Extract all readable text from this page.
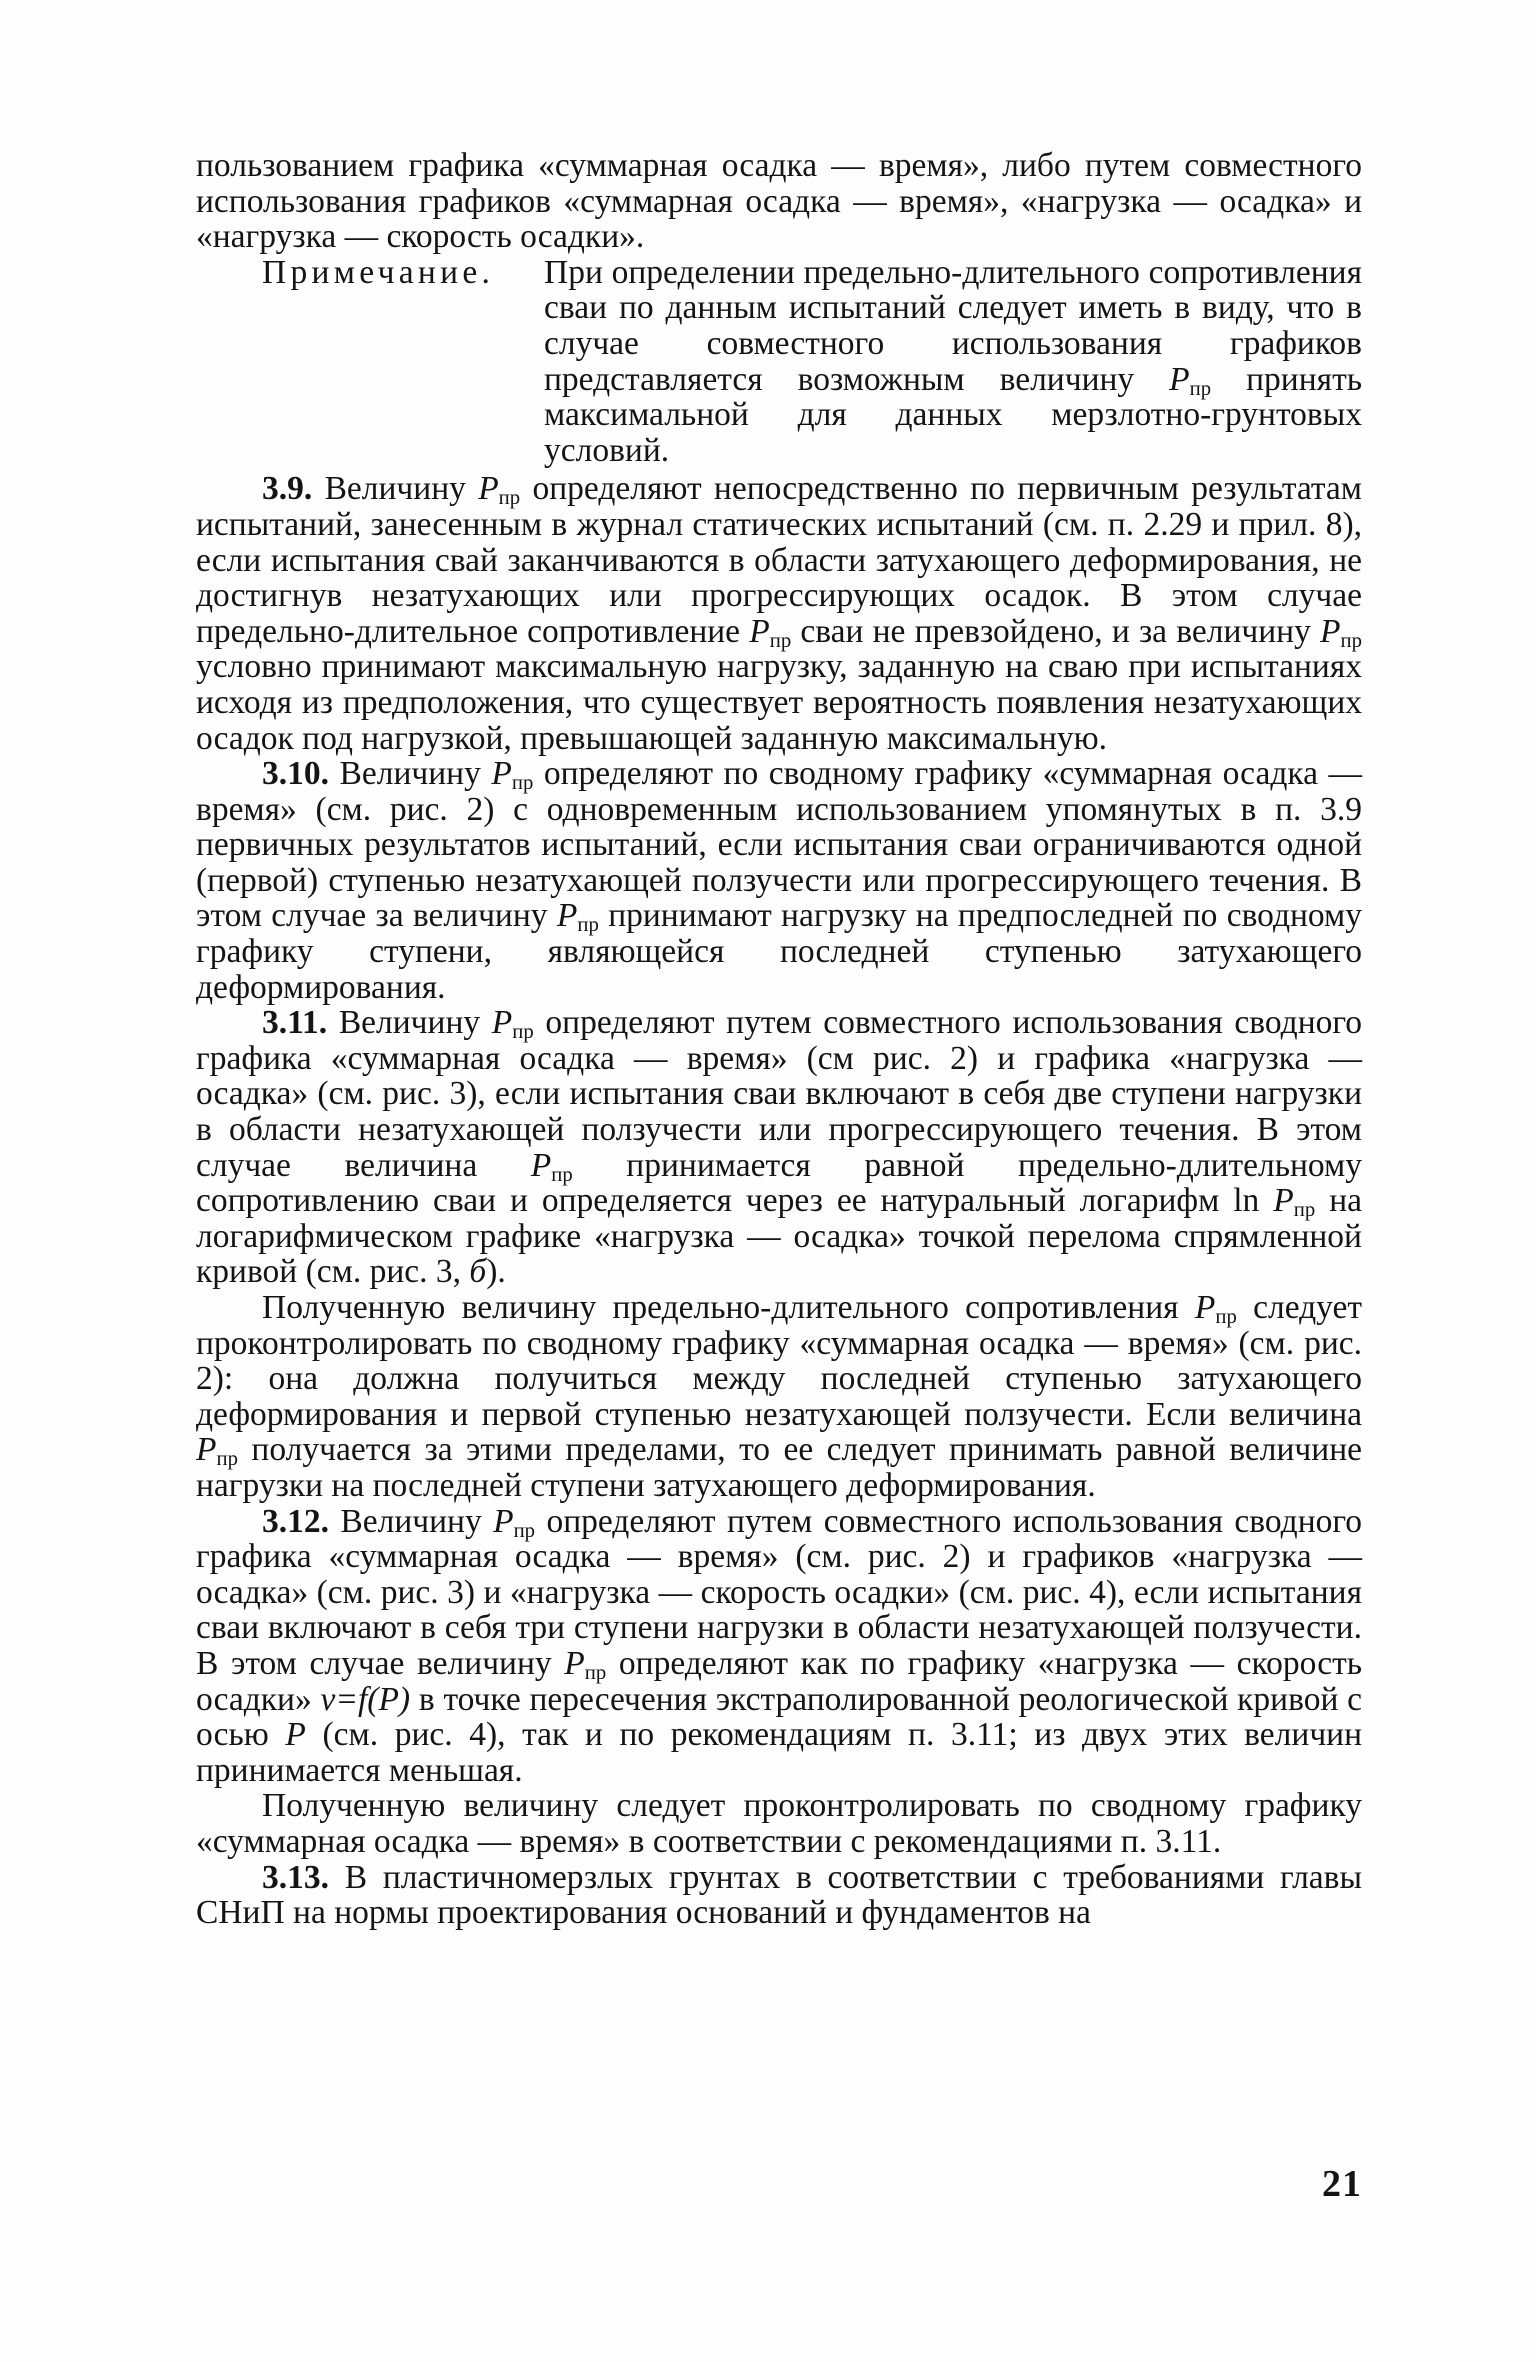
пользованием графика «суммарная осадка — время», либо путем совместного использования графиков «суммарная осадка — время», «нагрузка — осадка» и «нагрузка — скорость осадки».

Примечание.	При определении предельно-длительного сопротивления сваи по данным испытаний следует иметь в виду, что в случае совместного использования графиков представляется возможным величину $P_{пр}$ принять максимальной для данных мерзлотно-грунтовых условий.

3.9. Величину $P_{пр}$ определяют непосредственно по первичным результатам испытаний, занесенным в журнал статических испытаний (см. п. 2.29 и прил. 8), если испытания свай заканчиваются в области затухающего деформирования, не достигнув незатухающих или прогрессирующих осадок. В этом случае предельно-длительное сопротивление $P_{пр}$ сваи не превзойдено, и за величину $P_{пр}$ условно принимают максимальную нагрузку, заданную на сваю при испытаниях исходя из предположения, что существует вероятность появления незатухающих осадок под нагрузкой, превышающей заданную максимальную.

3.10. Величину $P_{пр}$ определяют по сводному графику «суммарная осадка — время» (см. рис. 2) с одновременным использованием упомянутых в п. 3.9 первичных результатов испытаний, если испытания сваи ограничиваются одной (первой) ступенью незатухающей ползучести или прогрессирующего течения. В этом случае за величину $P_{пр}$ принимают нагрузку на предпоследней по сводному графику ступени, являющейся последней ступенью затухающего деформирования.

3.11. Величину $P_{пр}$ определяют путем совместного использования сводного графика «суммарная осадка — время» (см рис. 2) и графика «нагрузка — осадка» (см. рис. 3), если испытания сваи включают в себя две ступени нагрузки в области незатухающей ползучести или прогрессирующего течения. В этом случае величина $P_{пр}$ принимается равной предельно-длительному сопротивлению сваи и определяется через ее натуральный логарифм $\ln P_{пр}$ на логарифмическом графике «нагрузка — осадка» точкой перелома спрямленной кривой (см. рис. 3, б).

Полученную величину предельно-длительного сопротивления $P_{пр}$ следует проконтролировать по сводному графику «суммарная осадка — время» (см. рис. 2): она должна получиться между последней ступенью затухающего деформирования и первой ступенью незатухающей ползучести. Если величина $P_{пр}$ получается за этими пределами, то ее следует принимать равной величине нагрузки на последней ступени затухающего деформирования.

3.12. Величину $P_{пр}$ определяют путем совместного использования сводного графика «суммарная осадка — время» (см. рис. 2) и графиков «нагрузка — осадка» (см. рис. 3) и «нагрузка — скорость осадки» (см. рис. 4), если испытания сваи включают в себя три ступени нагрузки в области незатухающей ползучести. В этом случае величину $P_{пр}$ определяют как по графику «нагрузка — скорость осадки» v=f(P) в точке пересечения экстраполированной реологической кривой с осью P (см. рис. 4), так и по рекомендациям п. 3.11; из двух этих величин принимается меньшая.

Полученную величину следует проконтролировать по сводному графику «суммарная осадка — время» в соответствии с рекомендациями п. 3.11.

3.13. В пластичномерзлых грунтах в соответствии с требованиями главы СНиП на нормы проектирования оснований и фундаментов на

21
